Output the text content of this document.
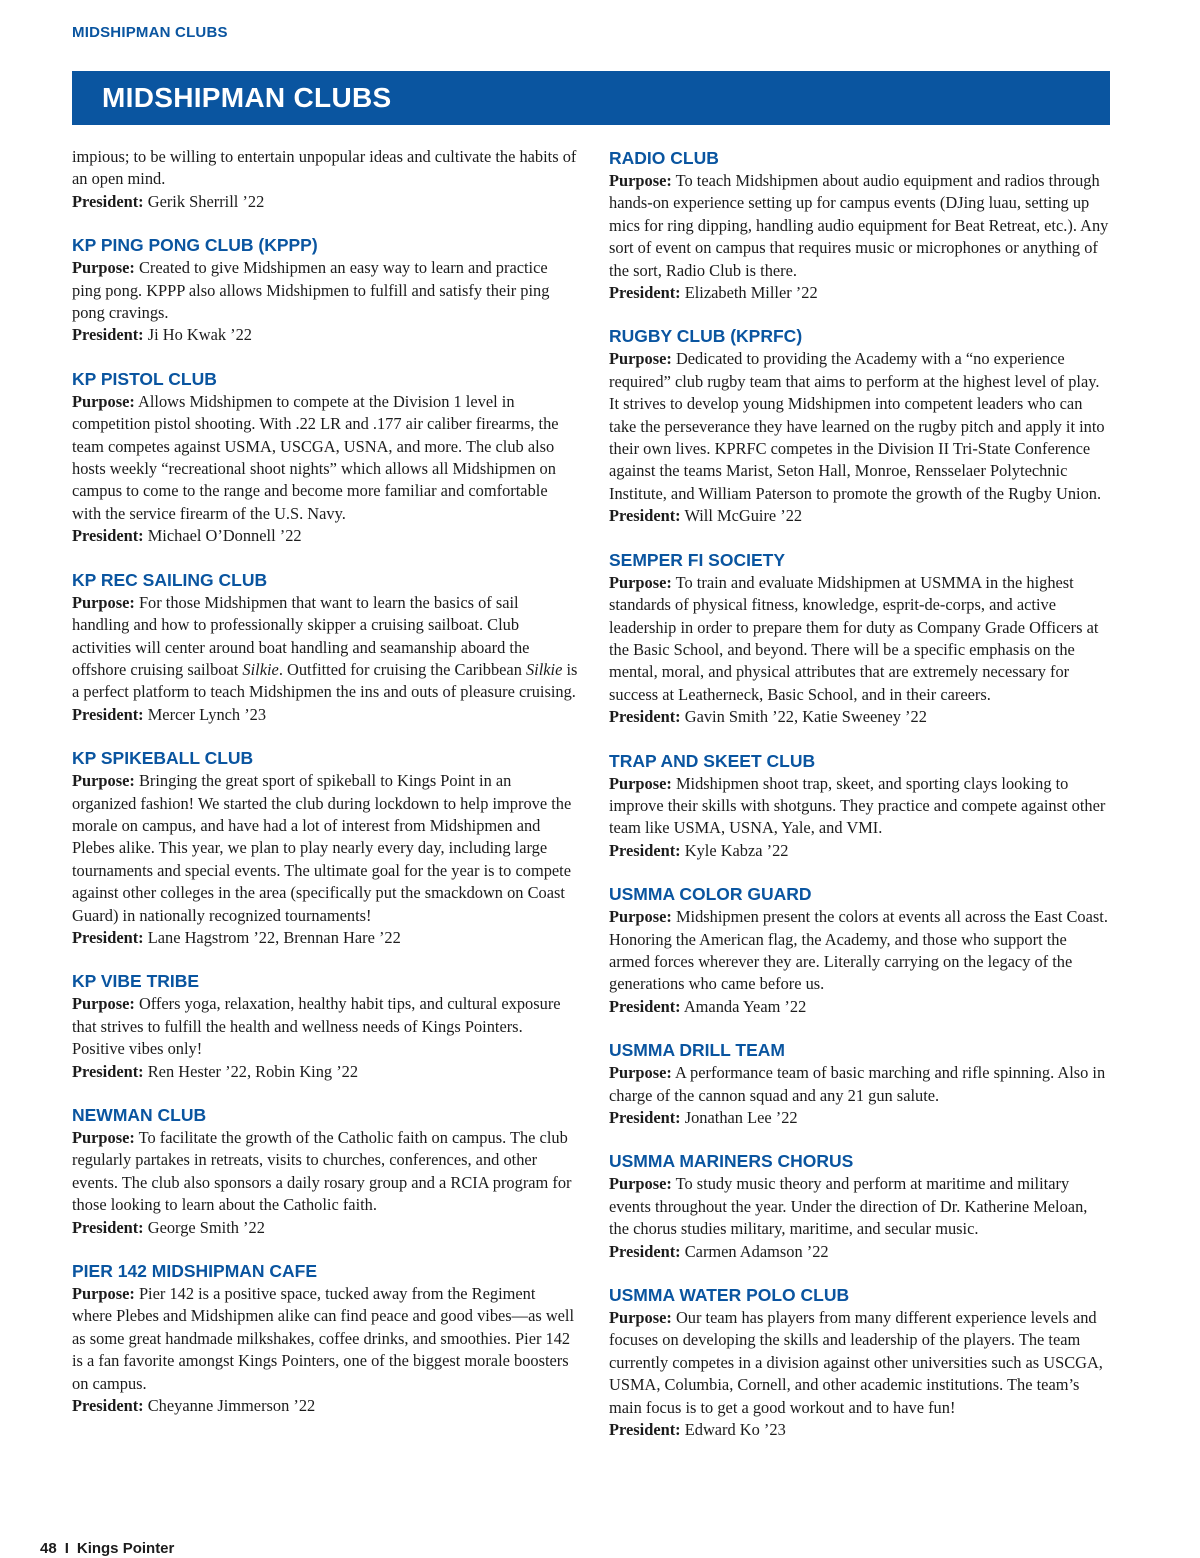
MIDSHIPMAN CLUBS
MIDSHIPMAN CLUBS

impious; to be willing to entertain unpopular ideas and cultivate the habits of an open mind.

President: Gerik Sherrill ’22

KP PING PONG CLUB (KPPP)

Purpose: Created to give Midshipmen an easy way to learn and practice ping pong. KPPP also allows Midshipmen to fulfill and satisfy their ping pong cravings.

President: Ji Ho Kwak ’22

KP PISTOL CLUB

Purpose: Allows Midshipmen to compete at the Division 1 level in competition pistol shooting. With .22 LR and .177 air caliber firearms, the team competes against USMA, USCGA, USNA, and more. The club also hosts weekly “recreational shoot nights” which allows all Midshipmen on campus to come to the range and become more familiar and comfortable with the service firearm of the U.S. Navy.

President: Michael O’Donnell ’22

KP REC SAILING CLUB

Purpose: For those Midshipmen that want to learn the basics of sail handling and how to professionally skipper a cruising sailboat. Club activities will center around boat handling and seamanship aboard the offshore cruising sailboat Silkie. Outfitted for cruising the Caribbean Silkie is a perfect platform to teach Midshipmen the ins and outs of pleasure cruising.

President: Mercer Lynch ’23

KP SPIKEBALL CLUB

Purpose: Bringing the great sport of spikeball to Kings Point in an organized fashion! We started the club during lockdown to help improve the morale on campus, and have had a lot of interest from Midshipmen and Plebes alike. This year, we plan to play nearly every day, including large tournaments and special events. The ultimate goal for the year is to compete against other colleges in the area (specifically put the smackdown on Coast Guard) in nationally recognized tournaments!

President: Lane Hagstrom ’22, Brennan Hare ’22

KP VIBE TRIBE

Purpose: Offers yoga, relaxation, healthy habit tips, and cultural exposure that strives to fulfill the health and wellness needs of Kings Pointers. Positive vibes only!

President: Ren Hester ’22, Robin King ’22

NEWMAN CLUB

Purpose: To facilitate the growth of the Catholic faith on campus. The club regularly partakes in retreats, visits to churches, conferences, and other events. The club also sponsors a daily rosary group and a RCIA program for those looking to learn about the Catholic faith.

President: George Smith ’22

PIER 142 MIDSHIPMAN CAFE

Purpose: Pier 142 is a positive space, tucked away from the Regiment where Plebes and Midshipmen alike can find peace and good vibes—as well as some great handmade milkshakes, coffee drinks, and smoothies. Pier 142 is a fan favorite amongst Kings Pointers, one of the biggest morale boosters on campus.

President: Cheyanne Jimmerson ’22

RADIO CLUB

Purpose: To teach Midshipmen about audio equipment and radios through hands-on experience setting up for campus events (DJing luau, setting up mics for ring dipping, handling audio equipment for Beat Retreat, etc.). Any sort of event on campus that requires music or microphones or anything of the sort, Radio Club is there.

President: Elizabeth Miller ’22

RUGBY CLUB (KPRFC)

Purpose: Dedicated to providing the Academy with a “no experience required” club rugby team that aims to perform at the highest level of play. It strives to develop young Midshipmen into competent leaders who can take the perseverance they have learned on the rugby pitch and apply it into their own lives. KPRFC competes in the Division II Tri-State Conference against the teams Marist, Seton Hall, Monroe, Rensselaer Polytechnic Institute, and William Paterson to promote the growth of the Rugby Union.

President: Will McGuire ’22

SEMPER FI SOCIETY

Purpose: To train and evaluate Midshipmen at USMMA in the highest standards of physical fitness, knowledge, esprit-de-corps, and active leadership in order to prepare them for duty as Company Grade Officers at the Basic School, and beyond. There will be a specific emphasis on the mental, moral, and physical attributes that are extremely necessary for success at Leatherneck, Basic School, and in their careers.

President: Gavin Smith ’22, Katie Sweeney ’22

TRAP AND SKEET CLUB

Purpose: Midshipmen shoot trap, skeet, and sporting clays looking to improve their skills with shotguns. They practice and compete against other team like USMA, USNA, Yale, and VMI.

President: Kyle Kabza ’22

USMMA COLOR GUARD

Purpose: Midshipmen present the colors at events all across the East Coast. Honoring the American flag, the Academy, and those who support the armed forces wherever they are. Literally carrying on the legacy of the generations who came before us.

President: Amanda Yeam ’22

USMMA DRILL TEAM

Purpose: A performance team of basic marching and rifle spinning. Also in charge of the cannon squad and any 21 gun salute.

President: Jonathan Lee ’22

USMMA MARINERS CHORUS

Purpose: To study music theory and perform at maritime and military events throughout the year. Under the direction of Dr. Katherine Meloan, the chorus studies military, maritime, and secular music.

President: Carmen Adamson ’22

USMMA WATER POLO CLUB

Purpose: Our team has players from many different experience levels and focuses on developing the skills and leadership of the players. The team currently competes in a division against other universities such as USCGA, USMA, Columbia, Cornell, and other academic institutions. The team’s main focus is to get a good workout and to have fun!

President: Edward Ko ’23

48 I Kings Pointer
